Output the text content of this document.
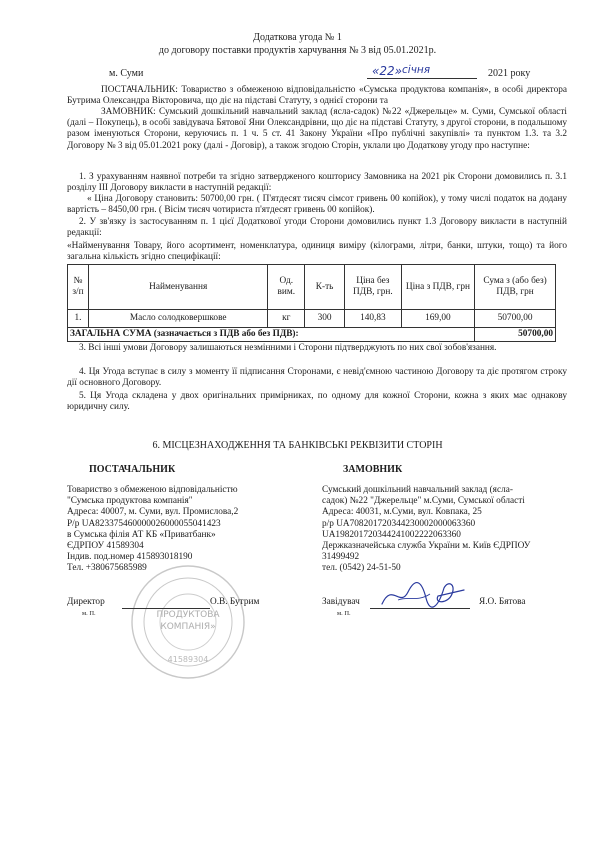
Додаткова угода № 1
до договору поставки продуктів харчування № 3 від 05.01.2021р.
м. Суми	«22» січня	2021 року
ПОСТАЧАЛЬНИК: Товариство з обмеженою відповідальністю «Сумська продуктова компанія», в особі директора Бутрима Олександра Вікторовича, що діє на підставі Статуту, з однієї сторони та
ЗАМОВНИК: Сумський дошкільний навчальний заклад (ясла-садок) №22 «Джерельце» м. Суми, Сумської області (далі – Покупець), в особі завідувача Бятової Яни Олександрівни, що діє на підставі Статуту, з другої сторони, в подальшому разом іменуються Сторони, керуючись п. 1 ч. 5 ст. 41 Закону України «Про публічні закупівлі» та пунктом 1.3. та 3.2 Договору № 3 від 05.01.2021 року (далі - Договір), а також згодою Сторін, уклали цю Додаткову угоду про наступне:
1. З урахуванням наявної потреби та згідно затвердженого кошторису Замовника на 2021 рік Сторони домовились п. 3.1 розділу ІІІ Договору викласти в наступній редакції:
« Ціна Договору становить: 50700,00 грн. ( П'ятдесят тисяч сімсот гривень 00 копійок), у тому числі податок на додану вартість – 8450,00 грн. ( Вісім тисяч чотириста п'ятдесят гривень 00 копійок).
2. У зв'язку із застосуванням п. 1 цієї Додаткової угоди Сторони домовились пункт 1.3 Договору викласти в наступній редакції:
«Найменування Товару, його асортимент, номенклатура, одиниця виміру (кілограми, літри, банки, штуки, тощо) та його загальна кількість згідно специфікації:
№ з/п	Найменування	Од. вим.	К-ть	Ціна без ПДВ, грн.	Ціна з ПДВ, грн	Сума з (або без) ПДВ, грн
1.	Масло солодковершкове	кг	300	140,83	169,00	50700,00
ЗАГАЛЬНА СУМА (зазначається з ПДВ або без ПДВ):						50700,00
3. Всі інші умови Договору залишаються незмінними і Сторони підтверджують по них свої зобов'язання.
4. Ця Угода вступає в силу з моменту її підписання Сторонами, є невід'ємною частиною Договору та діє протягом строку дії основного Договору.
5. Ця Угода складена у двох оригінальних примірниках, по одному для кожної Сторони, кожна з яких має однакову юридичну силу.
6. МІСЦЕЗНАХОДЖЕННЯ ТА БАНКІВСЬКІ РЕКВІЗИТИ СТОРІН
ПОСТАЧАЛЬНИК
Товариство з обмеженою відповідальністю
"Сумська продуктова компанія"
Адреса: 40007, м. Суми, вул. Промислова,2
Р/р UA823375460000026000055041423
в Сумська філія АТ КБ «Приватбанк»
ЄДРПОУ 41589304
Індив. под.номер 415893018190
Тел. +380675685989
ПРОДУКТОВА
КОМПАНІЯ»
41589304
Директор	О.В. Бутрим
м. П.
ЗАМОВНИК
Сумський дошкільний навчальний заклад (ясла-
садок) №22 "Джерельце" м.Суми, Сумської області
Адреса: 40031, м.Суми, вул. Ковпака, 25
р/р UA708201720344230002000063360
UA198201720344241002222063360
Держказначейська служба України м. Київ ЄДРПОУ
31499492
тел. (0542) 24-51-50
Завідувач	Я.О. Бятова
м. П.
